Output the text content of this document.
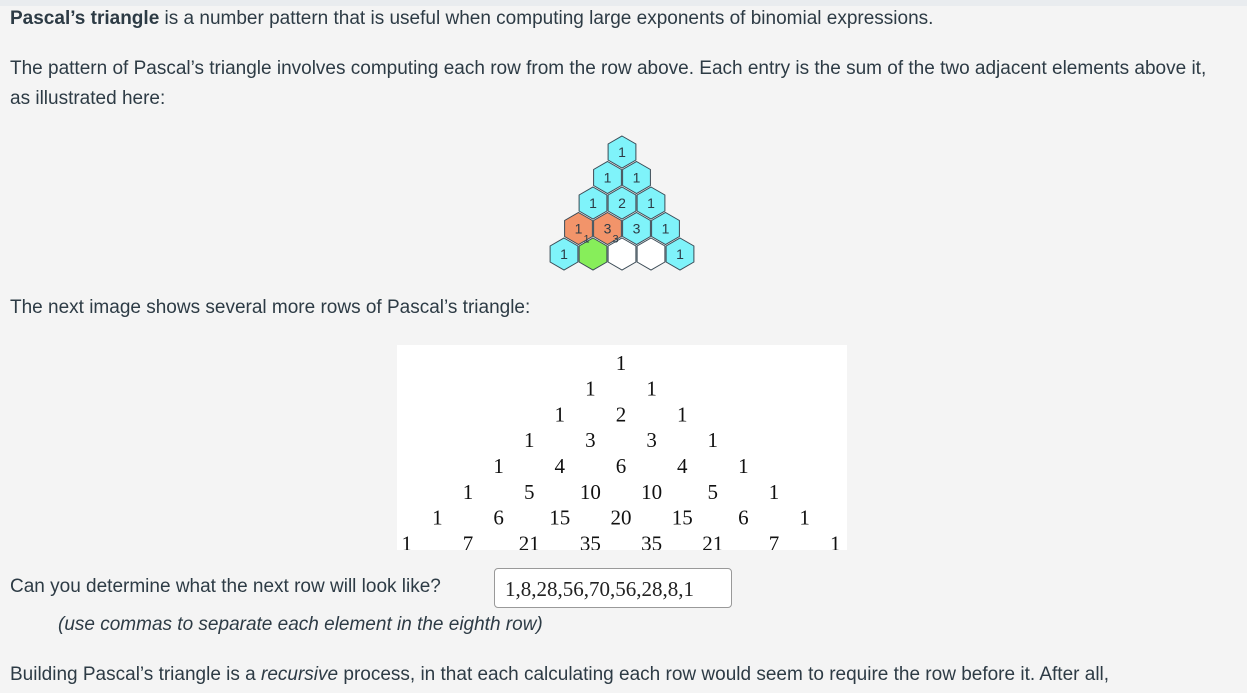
Pascal’s triangle is a number pattern that is useful when computing large exponents of binomial expressions.

The pattern of Pascal’s triangle involves computing each row from the row above. Each entry is the sum of the two adjacent elements above it, as illustrated here:

1
1 1
1 2 1
1 3 3 1
1	1
1 3

The next image shows several more rows of Pascal’s triangle:

1
1 1
1 2 1
1 3 3 1
1 4 6 4 1
1 5 10 10 5 1
1 6 15 20 15 6 1
1 7 21 35 35 21 7 1
Can you determine what the next row will look like?	1,8,28,56,70,56,28,8,1
(use commas to separate each element in the eighth row)

Building Pascal’s triangle is a recursive process, in that each calculating each row would seem to require the row before it. After all,
